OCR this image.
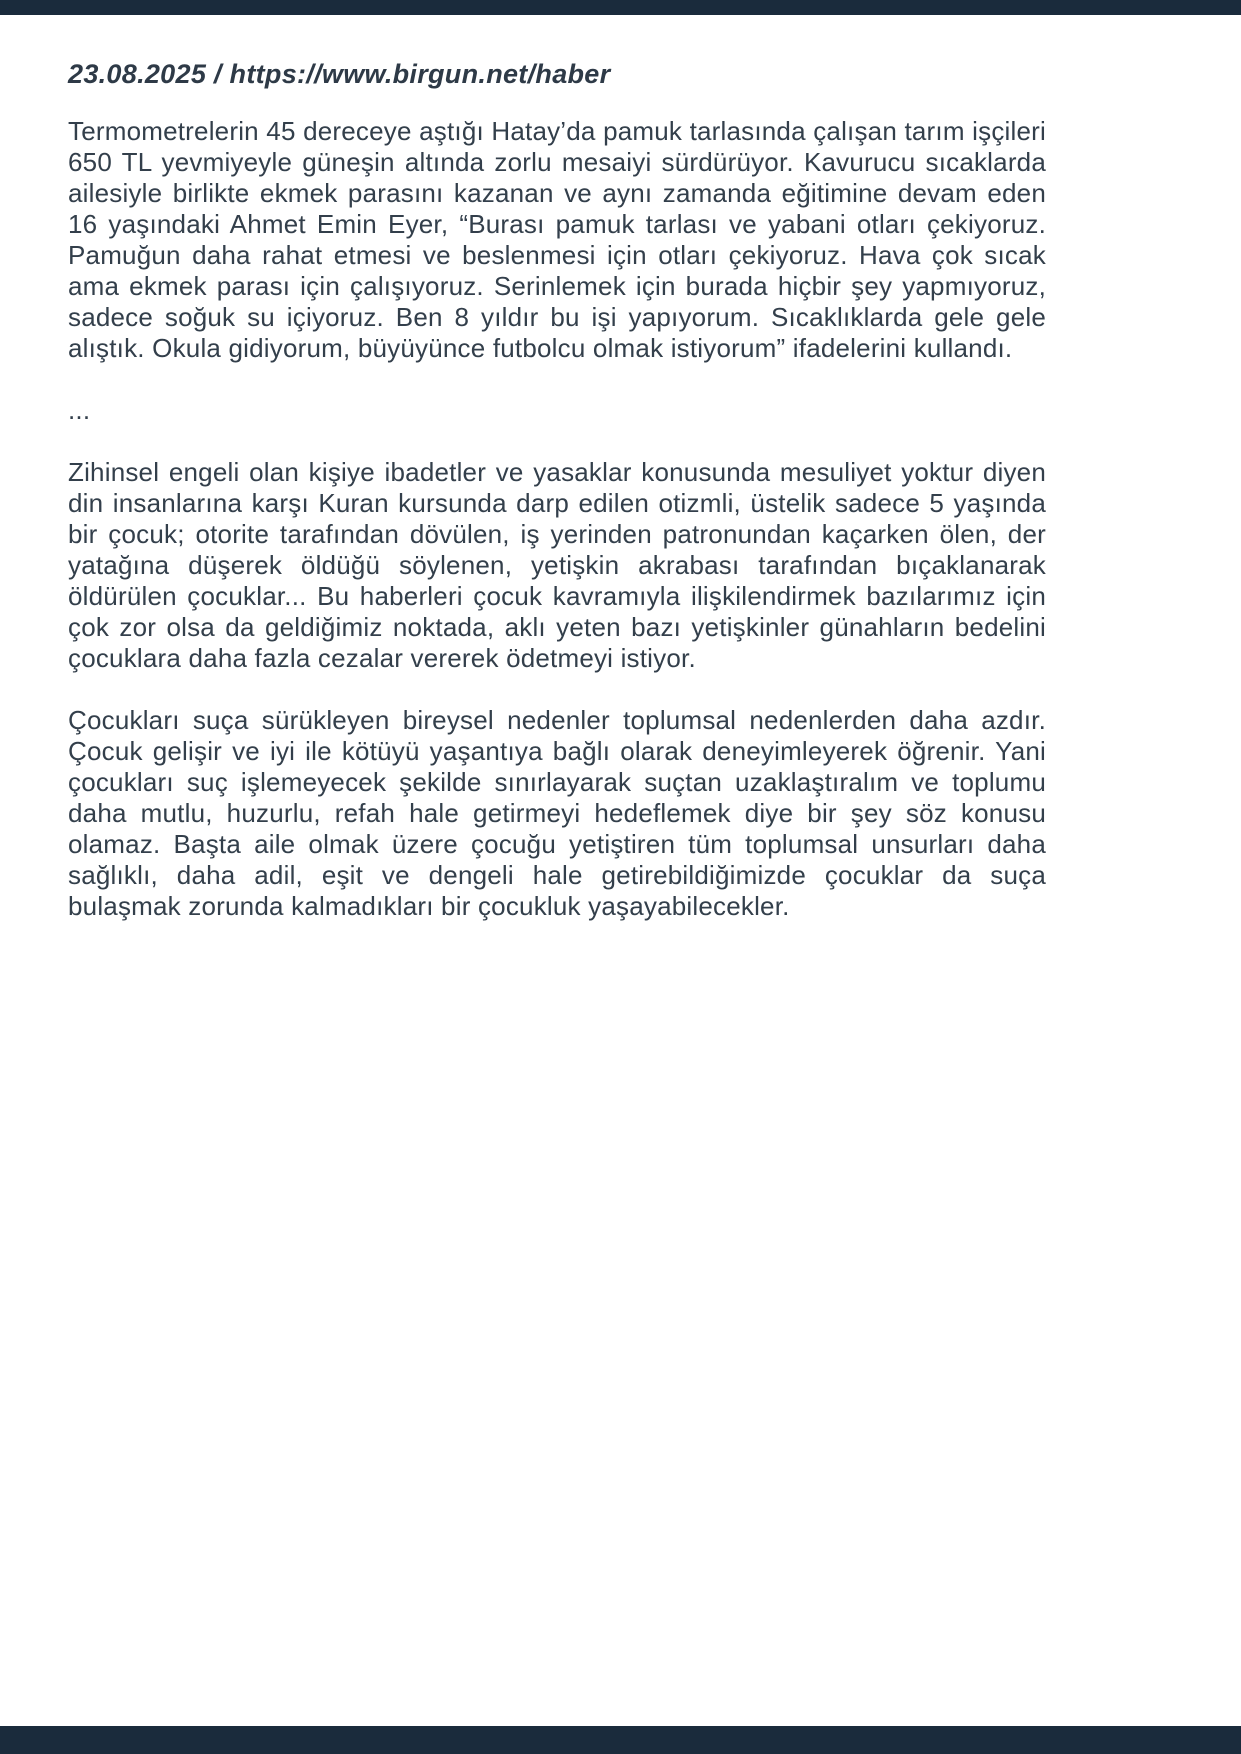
23.08.2025 / https://www.birgun.net/haber

Termometrelerin 45 dereceye aştığı Hatay’da pamuk tarlasında çalışan tarım işçileri 650 TL yevmiyeyle güneşin altında zorlu mesaiyi sürdürüyor. Kavurucu sıcaklarda ailesiyle birlikte ekmek parasını kazanan ve aynı zamanda eğitimine devam eden 16 yaşındaki Ahmet Emin Eyer, “Burası pamuk tarlası ve yabani otları çekiyoruz. Pamuğun daha rahat etmesi ve beslenmesi için otları çekiyoruz. Hava çok sıcak ama ekmek parası için çalışıyoruz. Serinlemek için burada hiçbir şey yapmıyoruz, sadece soğuk su içiyoruz. Ben 8 yıldır bu işi yapıyorum. Sıcaklıklarda gele gele alıştık. Okula gidiyorum, büyüyünce futbolcu olmak istiyorum” ifadelerini kullandı.

...

Zihinsel engeli olan kişiye ibadetler ve yasaklar konusunda mesuliyet yoktur diyen din insanlarına karşı Kuran kursunda darp edilen otizmli, üstelik sadece 5 yaşında bir çocuk; otorite tarafından dövülen, iş yerinden patronundan kaçarken ölen, der yatağına düşerek öldüğü söylenen, yetişkin akrabası tarafından bıçaklanarak öldürülen çocuklar... Bu haberleri çocuk kavramıyla ilişkilendirmek bazılarımız için çok zor olsa da geldiğimiz noktada, aklı yeten bazı yetişkinler günahların bedelini çocuklara daha fazla cezalar vererek ödetmeyi istiyor.

Çocukları suça sürükleyen bireysel nedenler toplumsal nedenlerden daha azdır. Çocuk gelişir ve iyi ile kötüyü yaşantıya bağlı olarak deneyimleyerek öğrenir. Yani çocukları suç işlemeyecek şekilde sınırlayarak suçtan uzaklaştıralım ve toplumu daha mutlu, huzurlu, refah hale getirmeyi hedeflemek diye bir şey söz konusu olamaz. Başta aile olmak üzere çocuğu yetiştiren tüm toplumsal unsurları daha sağlıklı, daha adil, eşit ve dengeli hale getirebildiğimizde çocuklar da suça bulaşmak zorunda kalmadıkları bir çocukluk yaşayabilecekler.
